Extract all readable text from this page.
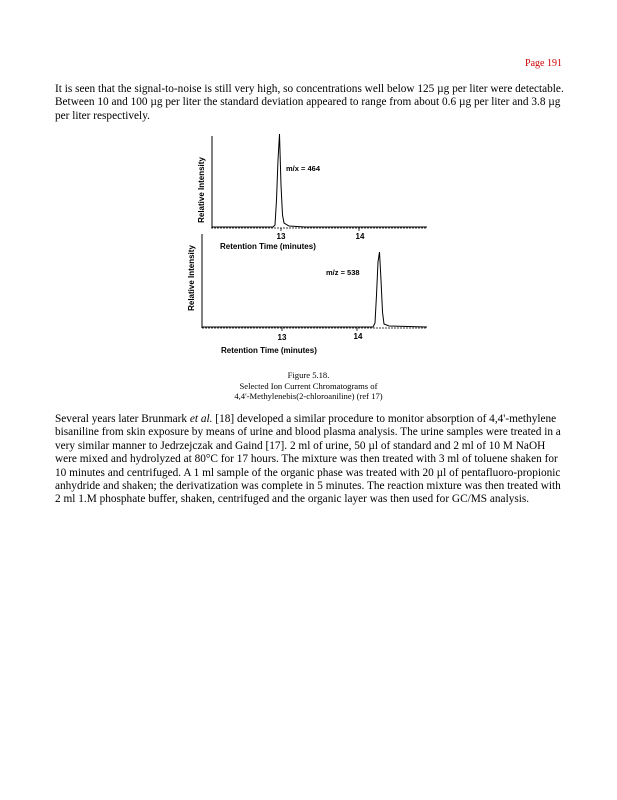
Page 191

It is seen that the signal-to-noise is still very high, so concentrations well below 125 µg per liter were detectable. Between 10 and 100 µg per liter the standard deviation appeared to range from about 0.6 µg per liter and 3.8 µg per liter respectively.

Relative Intensity	m/x = 464
13	14
Retention Time (minutes)
Relative Intensity	m/z = 538
13	14
Retention Time (minutes)
Figure 5.18.
Selected Ion Current Chromatograms of
4,4'-Methylenebis(2-chloroaniline) (ref 17)

Several years later Brunmark et al. [18] developed a similar procedure to monitor absorption of 4,4'-methylene bisaniline from skin exposure by means of urine and blood plasma analysis. The urine samples were treated in a very similar manner to Jedrzejczak and Gaind [17]. 2 ml of urine, 50 µl of standard and 2 ml of 10 M NaOH were mixed and hydrolyzed at 80°C for 17 hours. The mixture was then treated with 3 ml of toluene shaken for 10 minutes and centrifuged. A 1 ml sample of the organic phase was treated with 20 µl of pentafluoro-propionic anhydride and shaken; the derivatization was complete in 5 minutes. The reaction mixture was then treated with 2 ml 1.M phosphate buffer, shaken, centrifuged and the organic layer was then used for GC/MS analysis.
